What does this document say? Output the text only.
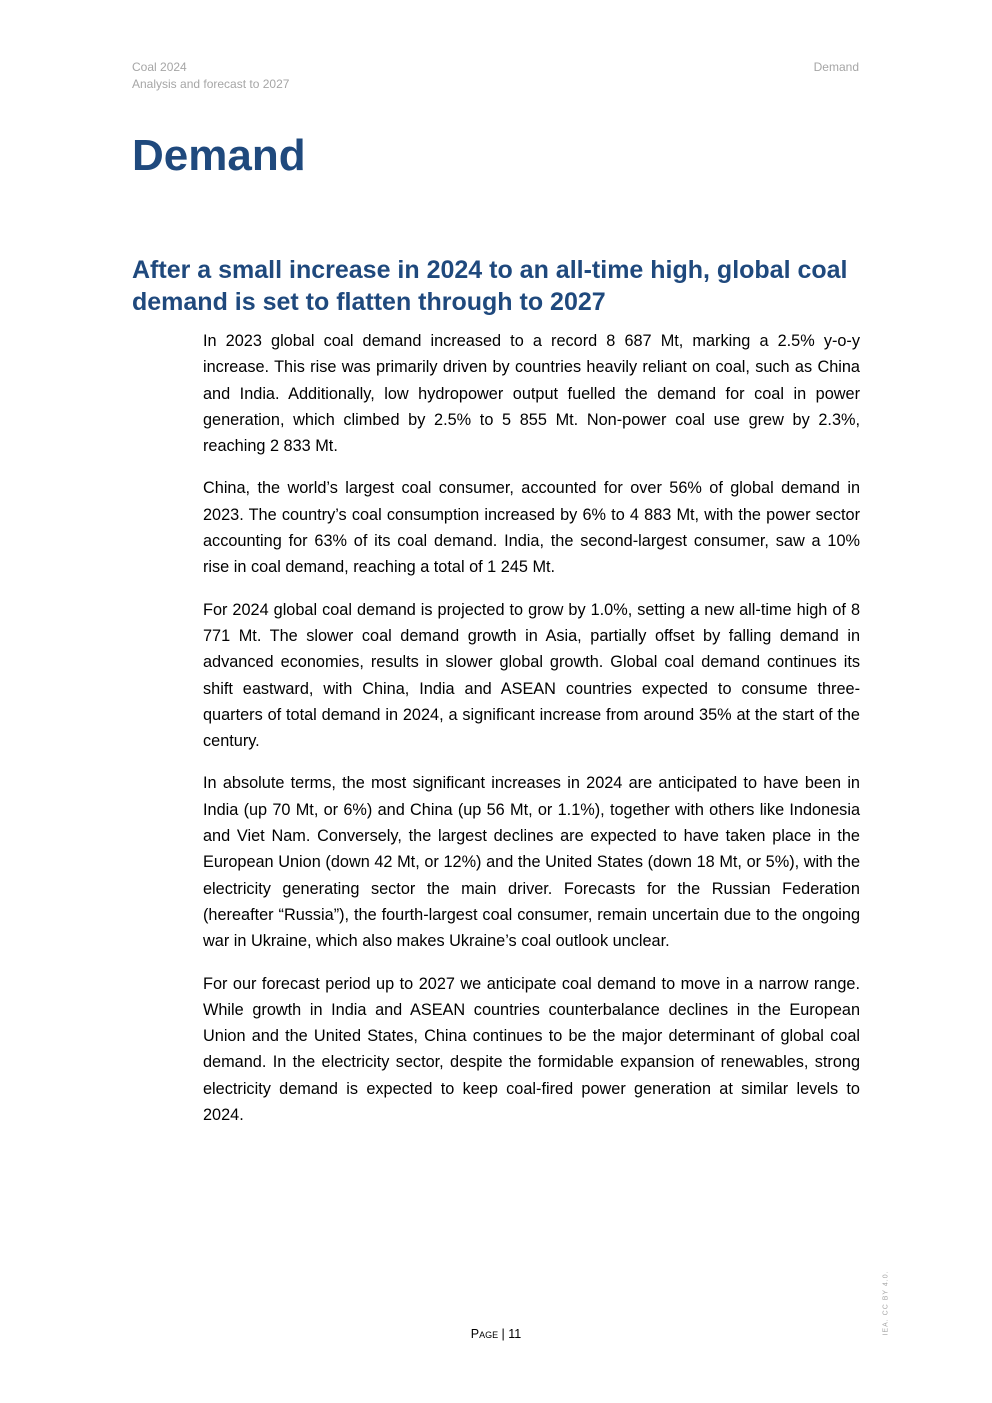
Coal 2024
Analysis and forecast to 2027
Demand
Demand
After a small increase in 2024 to an all-time high, global coal demand is set to flatten through to 2027

In 2023 global coal demand increased to a record 8 687 Mt, marking a 2.5% y-o-y increase. This rise was primarily driven by countries heavily reliant on coal, such as China and India. Additionally, low hydropower output fuelled the demand for coal in power generation, which climbed by 2.5% to 5 855 Mt. Non-power coal use grew by 2.3%, reaching 2 833 Mt.

China, the world’s largest coal consumer, accounted for over 56% of global demand in 2023. The country’s coal consumption increased by 6% to 4 883 Mt, with the power sector accounting for 63% of its coal demand. India, the second-largest consumer, saw a 10% rise in coal demand, reaching a total of 1 245 Mt.

For 2024 global coal demand is projected to grow by 1.0%, setting a new all-time high of 8 771 Mt. The slower coal demand growth in Asia, partially offset by falling demand in advanced economies, results in slower global growth. Global coal demand continues its shift eastward, with China, India and ASEAN countries expected to consume three-quarters of total demand in 2024, a significant increase from around 35% at the start of the century.

In absolute terms, the most significant increases in 2024 are anticipated to have been in India (up 70 Mt, or 6%) and China (up 56 Mt, or 1.1%), together with others like Indonesia and Viet Nam. Conversely, the largest declines are expected to have taken place in the European Union (down 42 Mt, or 12%) and the United States (down 18 Mt, or 5%), with the electricity generating sector the main driver. Forecasts for the Russian Federation (hereafter “Russia”), the fourth-largest coal consumer, remain uncertain due to the ongoing war in Ukraine, which also makes Ukraine’s coal outlook unclear.

For our forecast period up to 2027 we anticipate coal demand to move in a narrow range. While growth in India and ASEAN countries counterbalance declines in the European Union and the United States, China continues to be the major determinant of global coal demand. In the electricity sector, despite the formidable expansion of renewables, strong electricity demand is expected to keep coal-fired power generation at similar levels to 2024.

Page | 11	IEA. CC BY 4.0.
